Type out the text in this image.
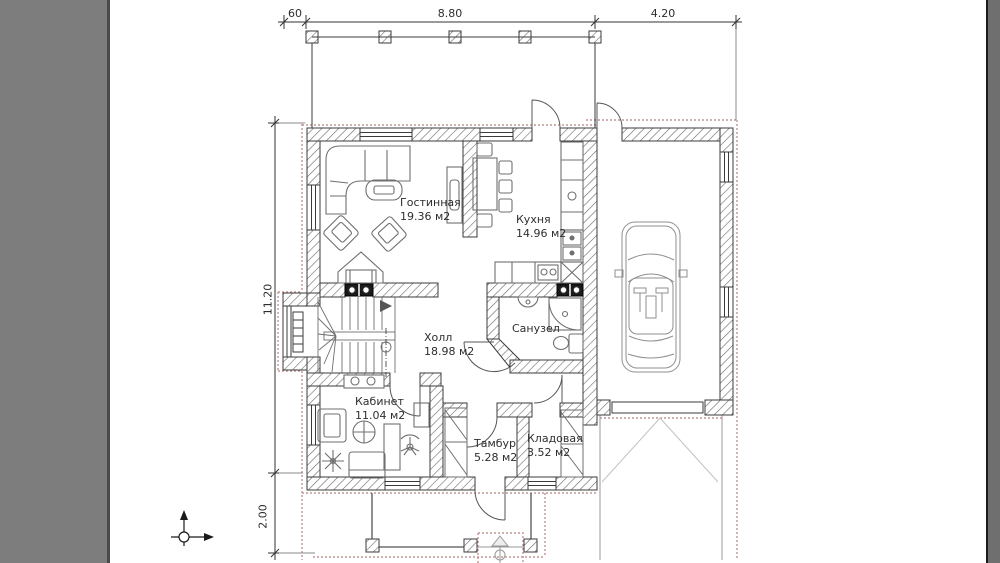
60	8.80	4.20
11.20
2.00
Гостинная
19.36 м2	Кухня
14.96 м2
Холл
18.98 м2
Санузел
Кабинет
11.04 м2
Тамбур
5.28 м2
Кладовая
3.52 м2
